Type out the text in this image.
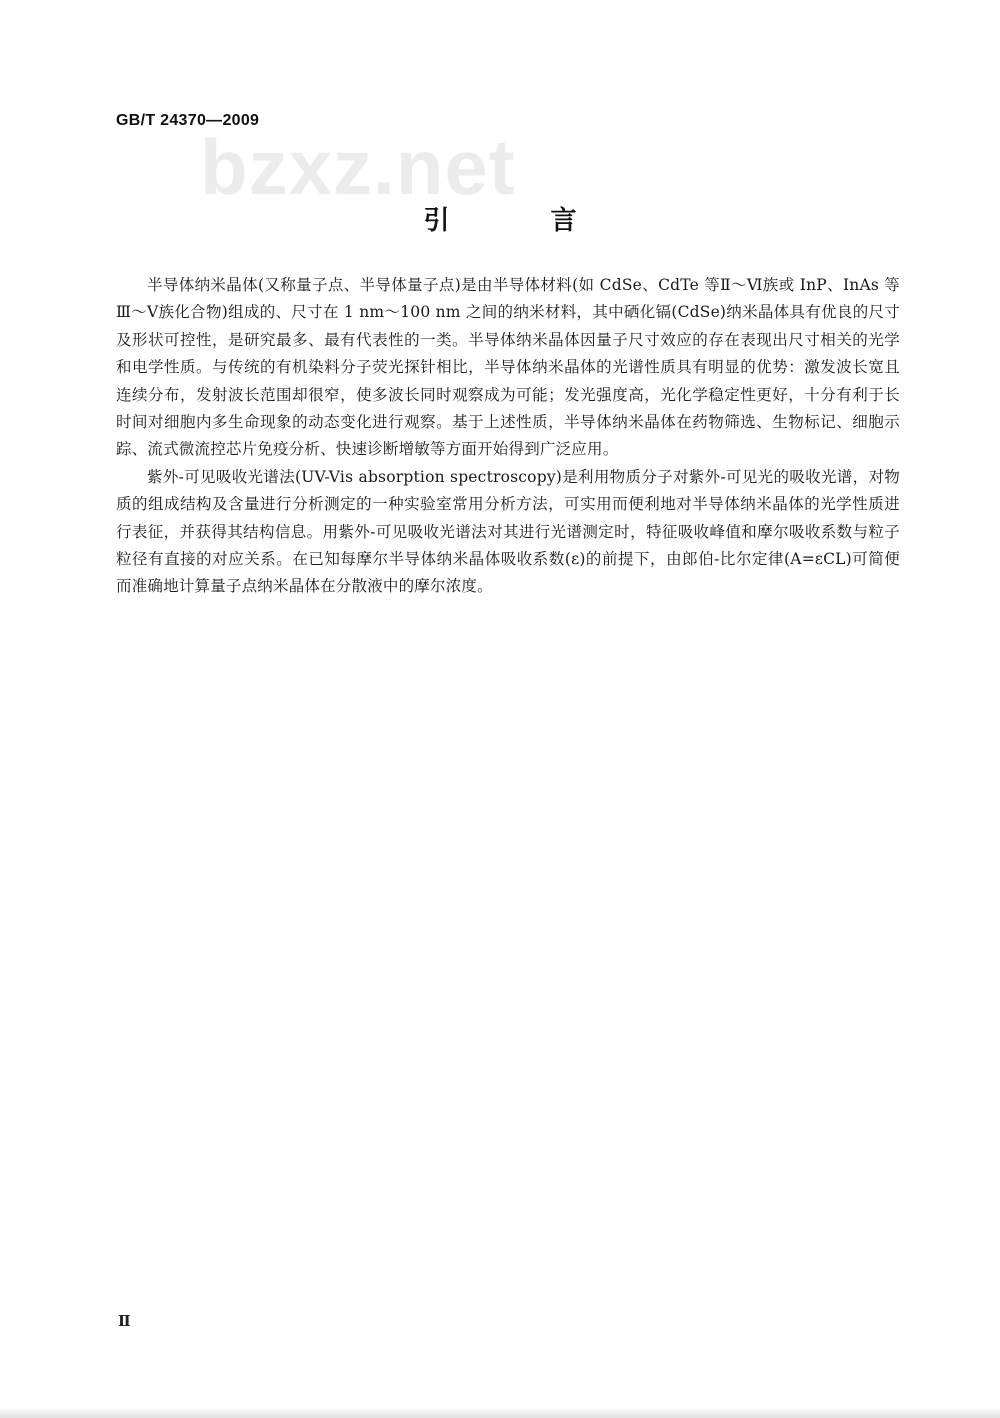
GB/T 24370—2009
bzxz.net
引 言

半导体纳米晶体(又称量子点、半导体量子点)是由半导体材料(如 CdSe、CdTe 等Ⅱ～Ⅵ族或 InP、InAs 等Ⅲ～Ⅴ族化合物)组成的、尺寸在 1 nm～100 nm 之间的纳米材料，其中硒化镉(CdSe)纳米晶体具有优良的尺寸及形状可控性，是研究最多、最有代表性的一类。半导体纳米晶体因量子尺寸效应的存在表现出尺寸相关的光学和电学性质。与传统的有机染料分子荧光探针相比，半导体纳米晶体的光谱性质具有明显的优势：激发波长宽且连续分布，发射波长范围却很窄，使多波长同时观察成为可能；发光强度高，光化学稳定性更好，十分有利于长时间对细胞内多生命现象的动态变化进行观察。基于上述性质，半导体纳米晶体在药物筛选、生物标记、细胞示踪、流式微流控芯片免疫分析、快速诊断增敏等方面开始得到广泛应用。

紫外-可见吸收光谱法(UV-Vis absorption spectroscopy)是利用物质分子对紫外-可见光的吸收光谱，对物质的组成结构及含量进行分析测定的一种实验室常用分析方法，可实用而便利地对半导体纳米晶体的光学性质进行表征，并获得其结构信息。用紫外-可见吸收光谱法对其进行光谱测定时，特征吸收峰值和摩尔吸收系数与粒子粒径有直接的对应关系。在已知每摩尔半导体纳米晶体吸收系数(ε)的前提下，由郎伯-比尔定律(A=εCL)可简便而准确地计算量子点纳米晶体在分散液中的摩尔浓度。

Ⅱ
